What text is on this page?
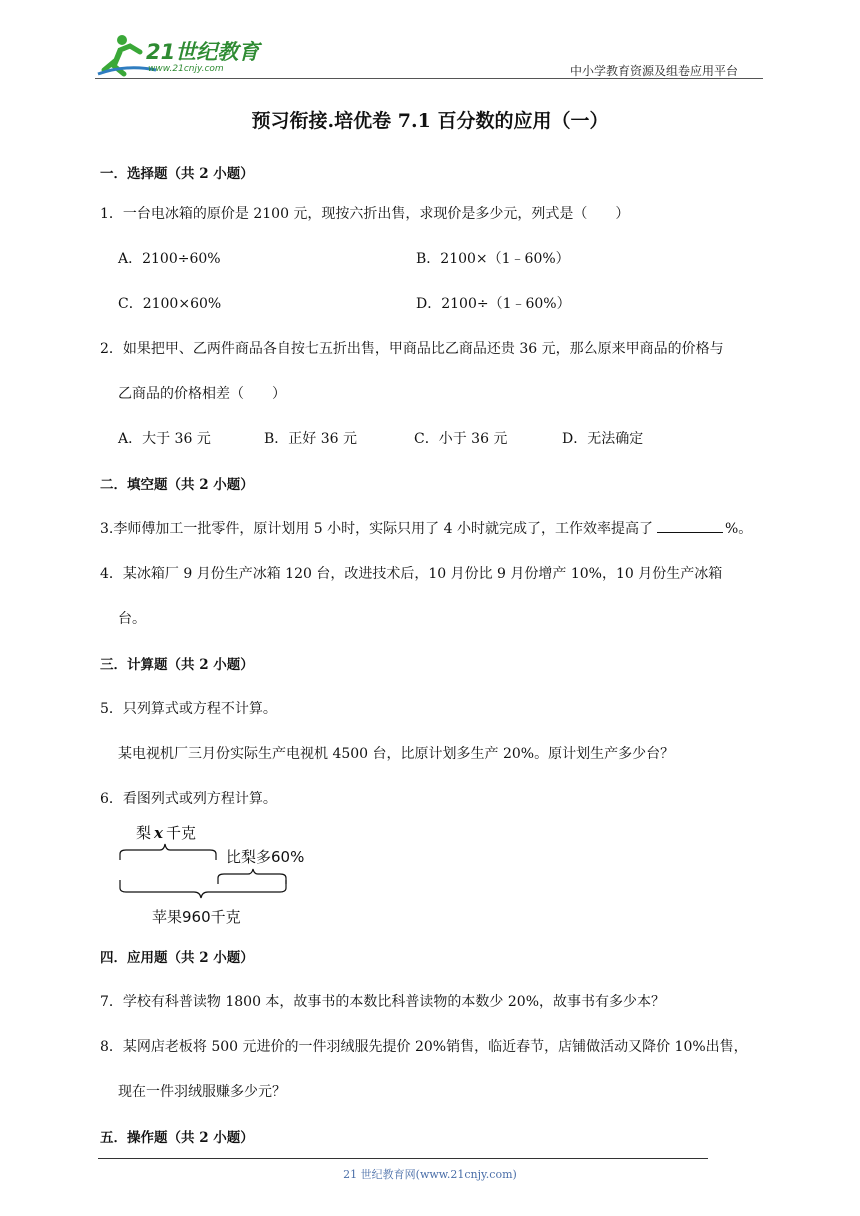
21世纪教育
www.21cnjy.com	中小学教育资源及组卷应用平台
预习衔接.培优卷 7.1 百分数的应用（一）
一．选择题（共 2 小题）
1．一台电冰箱的原价是 2100 元，现按六折出售，求现价是多少元，列式是（　　）
A．2100÷60%	B．2100×（1﹣60%）
C．2100×60%	D．2100÷（1﹣60%）
2．如果把甲、乙两件商品各自按七五折出售，甲商品比乙商品还贵 36 元，那么原来甲商品的价格与
乙商品的价格相差（　　）
A．大于 36 元	B．正好 36 元	C．小于 36 元	D．无法确定
二．填空题（共 2 小题）
3.李师傅加工一批零件，原计划用 5 小时，实际只用了 4 小时就完成了，工作效率提高了	%。
4．某冰箱厂 9 月份生产冰箱 120 台，改进技术后，10 月份比 9 月份增产 10%，10 月份生产冰箱
台。
三．计算题（共 2 小题）
5．只列算式或方程不计算。
某电视机厂三月份实际生产电视机 4500 台，比原计划多生产 20%。原计划生产多少台？
6．看图列式或列方程计算。
梨 x 千克
比梨多60%
苹果960千克
四．应用题（共 2 小题）
7．学校有科普读物 1800 本，故事书的本数比科普读物的本数少 20%，故事书有多少本？
8．某网店老板将 500 元进价的一件羽绒服先提价 20%销售，临近春节，店铺做活动又降价 10%出售，
现在一件羽绒服赚多少元？
五．操作题（共 2 小题）
21 世纪教育网(www.21cnjy.com)
